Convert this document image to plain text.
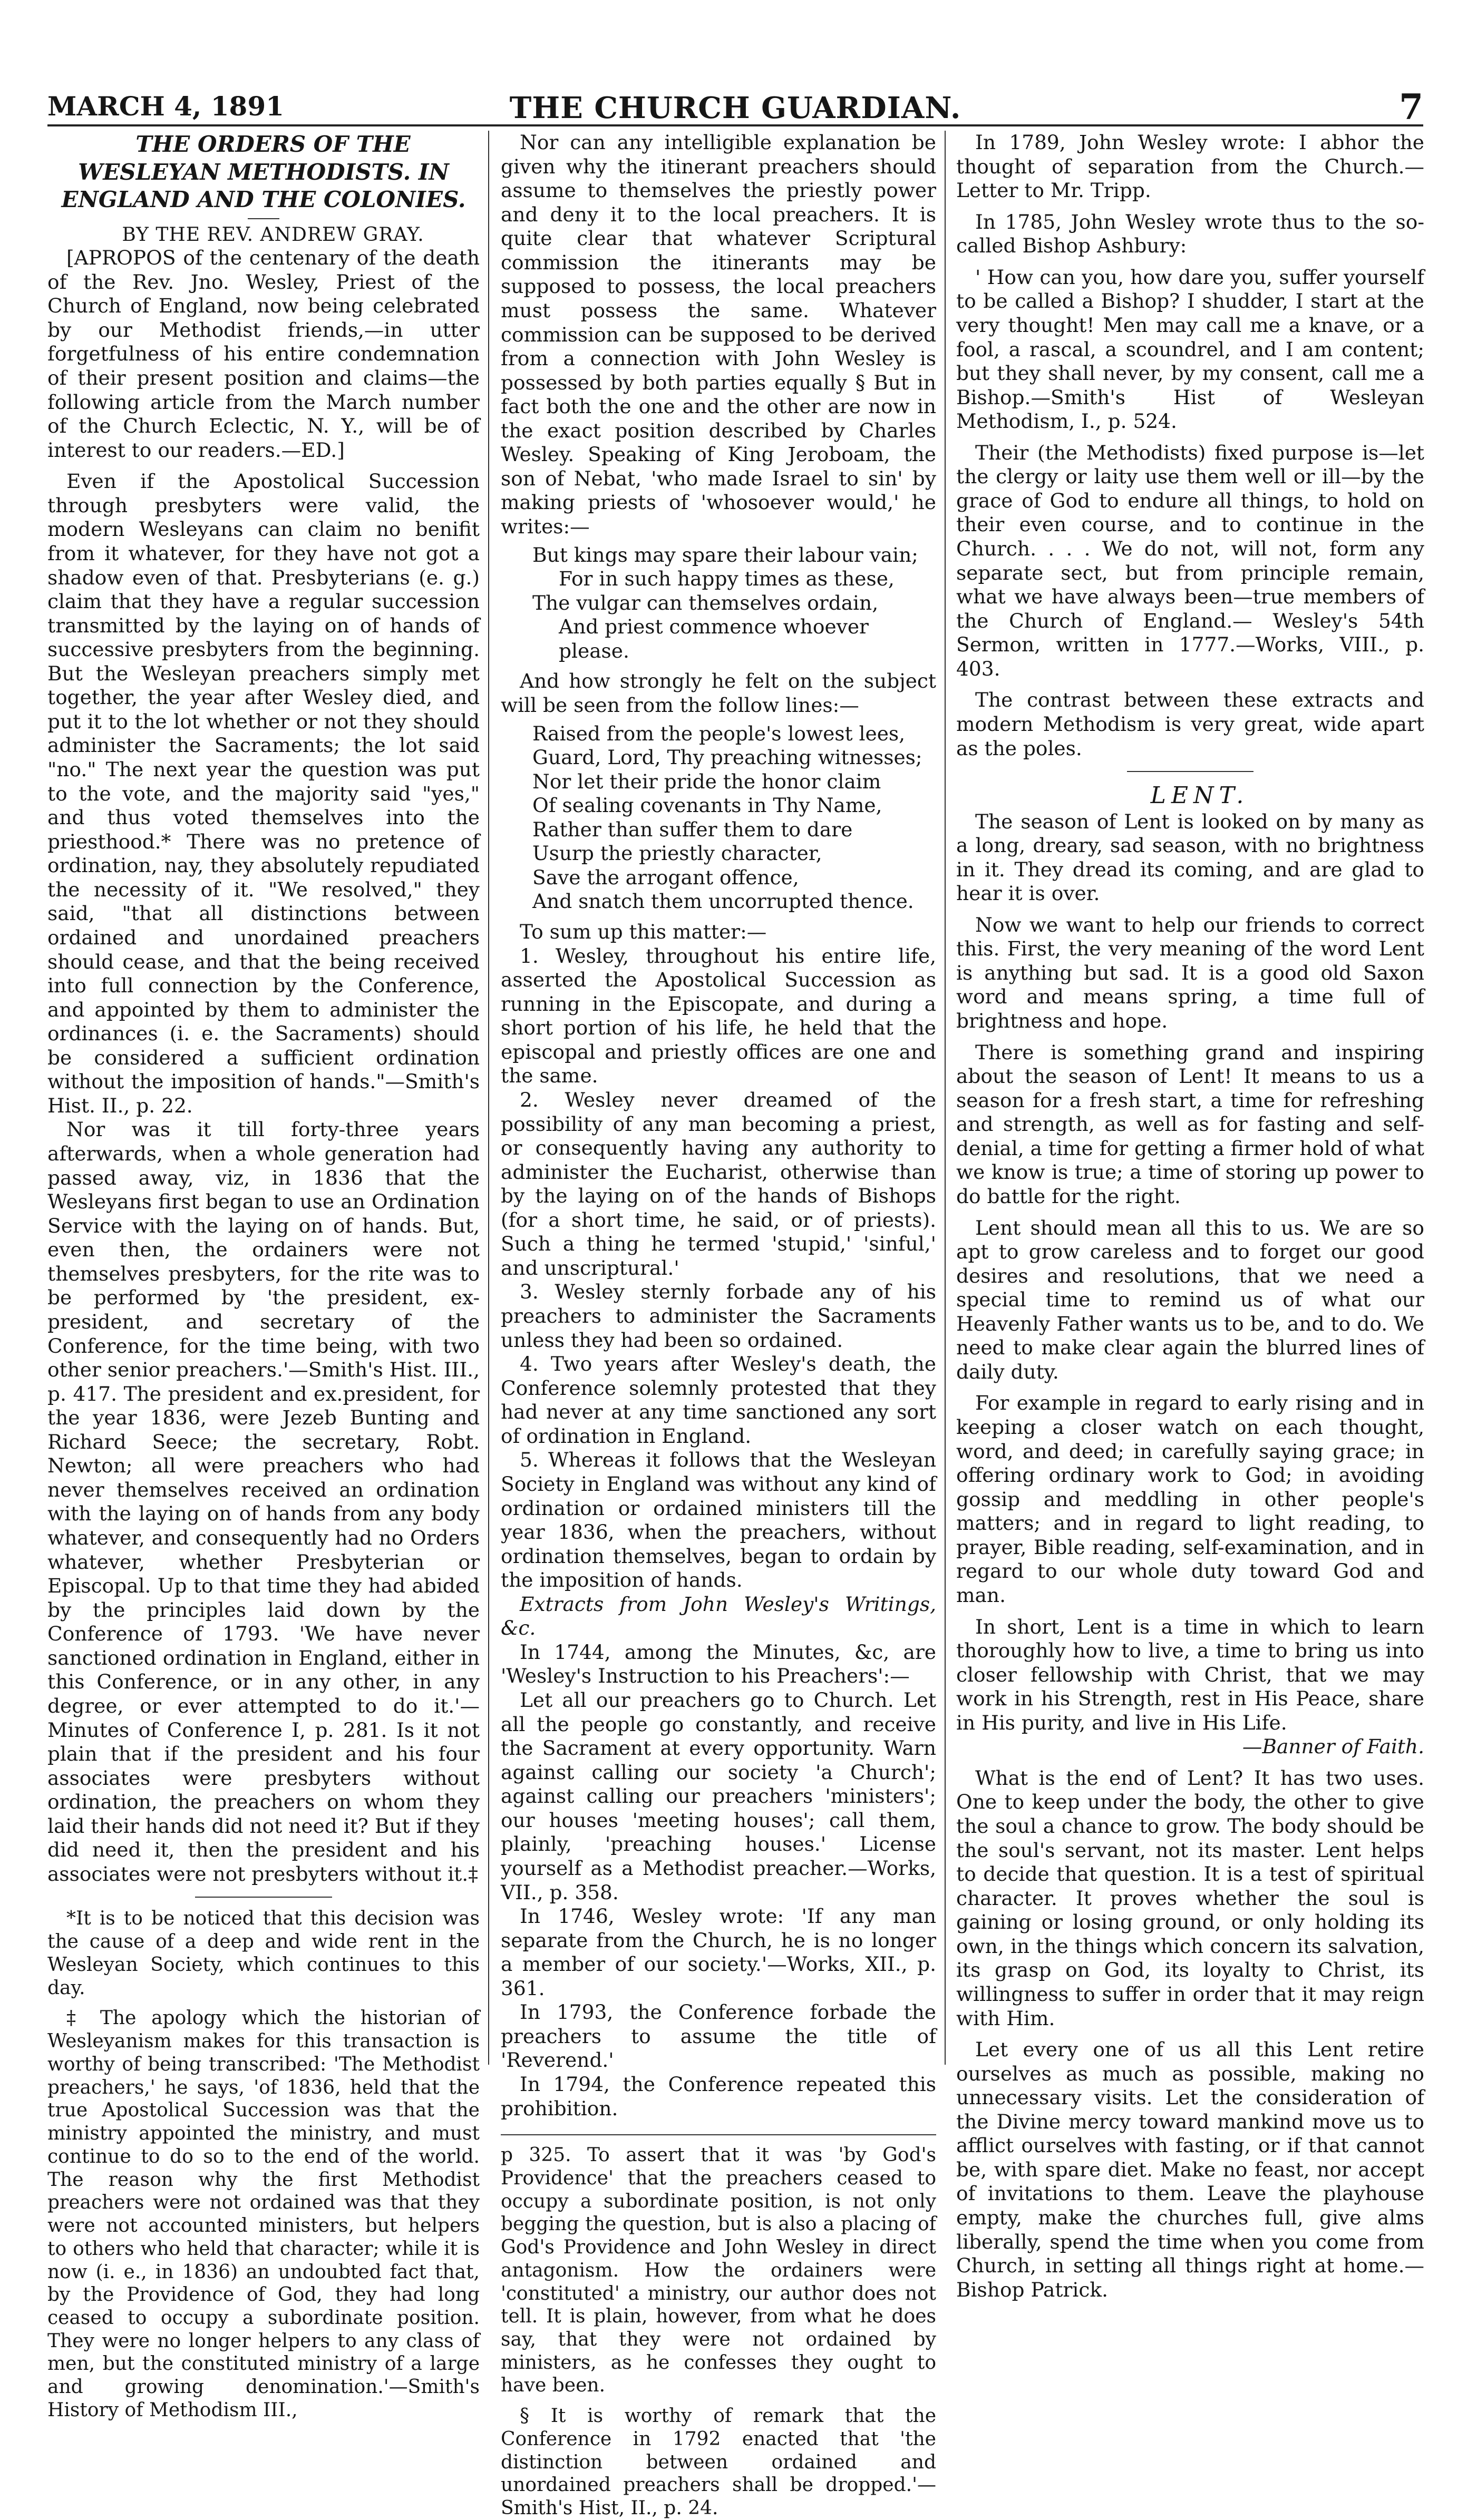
MARCH 4, 1891	THE CHURCH GUARDIAN.	7

THE ORDERS OF THE WESLEYAN METHODISTS. IN ENGLAND AND THE COLONIES.

BY THE REV. ANDREW GRAY.

[APROPOS of the centenary of the death of the Rev. Jno. Wesley, Priest of the Church of England, now being celebrated by our Methodist friends,—in utter forgetfulness of his entire condemnation of their present position and claims—the following article from the March number of the Church Eclectic, N. Y., will be of interest to our readers.—ED.]

Even if the Apostolical Succession through presbyters were valid, the modern Wesleyans can claim no benifit from it whatever, for they have not got a shadow even of that. Presbyterians (e. g.) claim that they have a regular succession transmitted by the laying on of hands of successive presbyters from the beginning. But the Wesleyan preachers simply met together, the year after Wesley died, and put it to the lot whether or not they should administer the Sacraments; the lot said "no." The next year the question was put to the vote, and the majority said "yes," and thus voted themselves into the priesthood.* There was no pretence of ordination, nay, they absolutely repudiated the necessity of it. "We resolved," they said, "that all distinctions between ordained and unordained preachers should cease, and that the being received into full connection by the Conference, and appointed by them to administer the ordinances (i. e. the Sacraments) should be considered a sufficient ordination without the imposition of hands."—Smith's Hist. II., p. 22.

Nor was it till forty-three years afterwards, when a whole generation had passed away, viz, in 1836 that the Wesleyans first began to use an Ordination Service with the laying on of hands. But, even then, the ordainers were not themselves presbyters, for the rite was to be performed by 'the president, ex-president, and secretary of the Conference, for the time being, with two other senior preachers.'—Smith's Hist. III., p. 417. The president and ex.president, for the year 1836, were Jezeb Bunting and Richard Seece; the secretary, Robt. Newton; all were preachers who had never themselves received an ordination with the laying on of hands from any body whatever, and consequently had no Orders whatever, whether Presbyterian or Episcopal. Up to that time they had abided by the principles laid down by the Conference of 1793. 'We have never sanctioned ordination in England, either in this Conference, or in any other, in any degree, or ever attempted to do it.'—Minutes of Conference I, p. 281. Is it not plain that if the president and his four associates were presbyters without ordination, the preachers on whom they laid their hands did not need it? But if they did need it, then the president and his associates were not presbyters without it.‡

*It is to be noticed that this decision was the cause of a deep and wide rent in the Wesleyan Society, which continues to this day.

‡ The apology which the historian of Wesleyanism makes for this transaction is worthy of being transcribed: 'The Methodist preachers,' he says, 'of 1836, held that the true Apostolical Succession was that the ministry appointed the ministry, and must continue to do so to the end of the world. The reason why the first Methodist preachers were not ordained was that they were not accounted ministers, but helpers to others who held that character; while it is now (i. e., in 1836) an undoubted fact that, by the Providence of God, they had long ceased to occupy a subordinate position. They were no longer helpers to any class of men, but the constituted ministry of a large and growing denomination.'—Smith's History of Methodism III.,

Nor can any intelligible explanation be given why the itinerant preachers should assume to themselves the priestly power and deny it to the local preachers. It is quite clear that whatever Scriptural commission the itinerants may be supposed to possess, the local preachers must possess the same. Whatever commission can be supposed to be derived from a connection with John Wesley is possessed by both parties equally § But in fact both the one and the other are now in the exact position described by Charles Wesley. Speaking of King Jeroboam, the son of Nebat, 'who made Israel to sin' by making priests of 'whosoever would,' he writes:—

But kings may spare their labour vain;

For in such happy times as these,

The vulgar can themselves ordain,

And priest commence whoever please.

And how strongly he felt on the subject will be seen from the follow lines:—

Raised from the people's lowest lees,

Guard, Lord, Thy preaching witnesses;

Nor let their pride the honor claim

Of sealing covenants in Thy Name,

Rather than suffer them to dare

Usurp the priestly character,

Save the arrogant offence,

And snatch them uncorrupted thence.

To sum up this matter:—

1. Wesley, throughout his entire life, asserted the Apostolical Succession as running in the Episcopate, and during a short portion of his life, he held that the episcopal and priestly offices are one and the same.

2. Wesley never dreamed of the possibility of any man becoming a priest, or consequently having any authority to administer the Eucharist, otherwise than by the laying on of the hands of Bishops (for a short time, he said, or of priests). Such a thing he termed 'stupid,' 'sinful,' and unscriptural.'

3. Wesley sternly forbade any of his preachers to administer the Sacraments unless they had been so ordained.

4. Two years after Wesley's death, the Conference solemnly protested that they had never at any time sanctioned any sort of ordination in England.

5. Whereas it follows that the Wesleyan Society in England was without any kind of ordination or ordained ministers till the year 1836, when the preachers, without ordination themselves, began to ordain by the imposition of hands.

Extracts from John Wesley's Writings, &c.

In 1744, among the Minutes, &c, are 'Wesley's Instruction to his Preachers':—

Let all our preachers go to Church. Let all the people go constantly, and receive the Sacrament at every opportunity. Warn against calling our society 'a Church'; against calling our preachers 'ministers'; our houses 'meeting houses'; call them, plainly, 'preaching houses.' License yourself as a Methodist preacher.—Works, VII., p. 358.

In 1746, Wesley wrote: 'If any man separate from the Church, he is no longer a member of our society.'—Works, XII., p. 361.

In 1793, the Conference forbade the preachers to assume the title of 'Reverend.'

In 1794, the Conference repeated this prohibition.

p 325. To assert that it was 'by God's Providence' that the preachers ceased to occupy a subordinate position, is not only begging the question, but is also a placing of God's Providence and John Wesley in direct antagonism. How the ordainers were 'constituted' a ministry, our author does not tell. It is plain, however, from what he does say, that they were not ordained by ministers, as he confesses they ought to have been.

§ It is worthy of remark that the Conference in 1792 enacted that 'the distinction between ordained and unordained preachers shall be dropped.'—Smith's Hist, II., p. 24.

In 1789, John Wesley wrote: I abhor the thought of separation from the Church.—Letter to Mr. Tripp.

In 1785, John Wesley wrote thus to the so-called Bishop Ashbury:

' How can you, how dare you, suffer yourself to be called a Bishop? I shudder, I start at the very thought! Men may call me a knave, or a fool, a rascal, a scoundrel, and I am content; but they shall never, by my consent, call me a Bishop.—Smith's Hist of Wesleyan Methodism, I., p. 524.

Their (the Methodists) fixed purpose is—let the clergy or laity use them well or ill—by the grace of God to endure all things, to hold on their even course, and to continue in the Church. . . . We do not, will not, form any separate sect, but from principle remain, what we have always been—true members of the Church of England.— Wesley's 54th Sermon, written in 1777.—Works, VIII., p. 403.

The contrast between these extracts and modern Methodism is very great, wide apart as the poles.

LENT.

The season of Lent is looked on by many as a long, dreary, sad season, with no brightness in it. They dread its coming, and are glad to hear it is over.

Now we want to help our friends to correct this. First, the very meaning of the word Lent is anything but sad. It is a good old Saxon word and means spring, a time full of brightness and hope.

There is something grand and inspiring about the season of Lent! It means to us a season for a fresh start, a time for refreshing and strength, as well as for fasting and self-denial, a time for getting a firmer hold of what we know is true; a time of storing up power to do battle for the right.

Lent should mean all this to us. We are so apt to grow careless and to forget our good desires and resolutions, that we need a special time to remind us of what our Heavenly Father wants us to be, and to do. We need to make clear again the blurred lines of daily duty.

For example in regard to early rising and in keeping a closer watch on each thought, word, and deed; in carefully saying grace; in offering ordinary work to God; in avoiding gossip and meddling in other people's matters; and in regard to light reading, to prayer, Bible reading, self-examination, and in regard to our whole duty toward God and man.

In short, Lent is a time in which to learn thoroughly how to live, a time to bring us into closer fellowship with Christ, that we may work in his Strength, rest in His Peace, share in His purity, and live in His Life.

—Banner of Faith.

What is the end of Lent? It has two uses. One to keep under the body, the other to give the soul a chance to grow. The body should be the soul's servant, not its master. Lent helps to decide that question. It is a test of spiritual character. It proves whether the soul is gaining or losing ground, or only holding its own, in the things which concern its salvation, its grasp on God, its loyalty to Christ, its willingness to suffer in order that it may reign with Him.

Let every one of us all this Lent retire ourselves as much as possible, making no unnecessary visits. Let the consideration of the Divine mercy toward mankind move us to afflict ourselves with fasting, or if that cannot be, with spare diet. Make no feast, nor accept of invitations to them. Leave the playhouse empty, make the churches full, give alms liberally, spend the time when you come from Church, in setting all things right at home.—Bishop Patrick.
